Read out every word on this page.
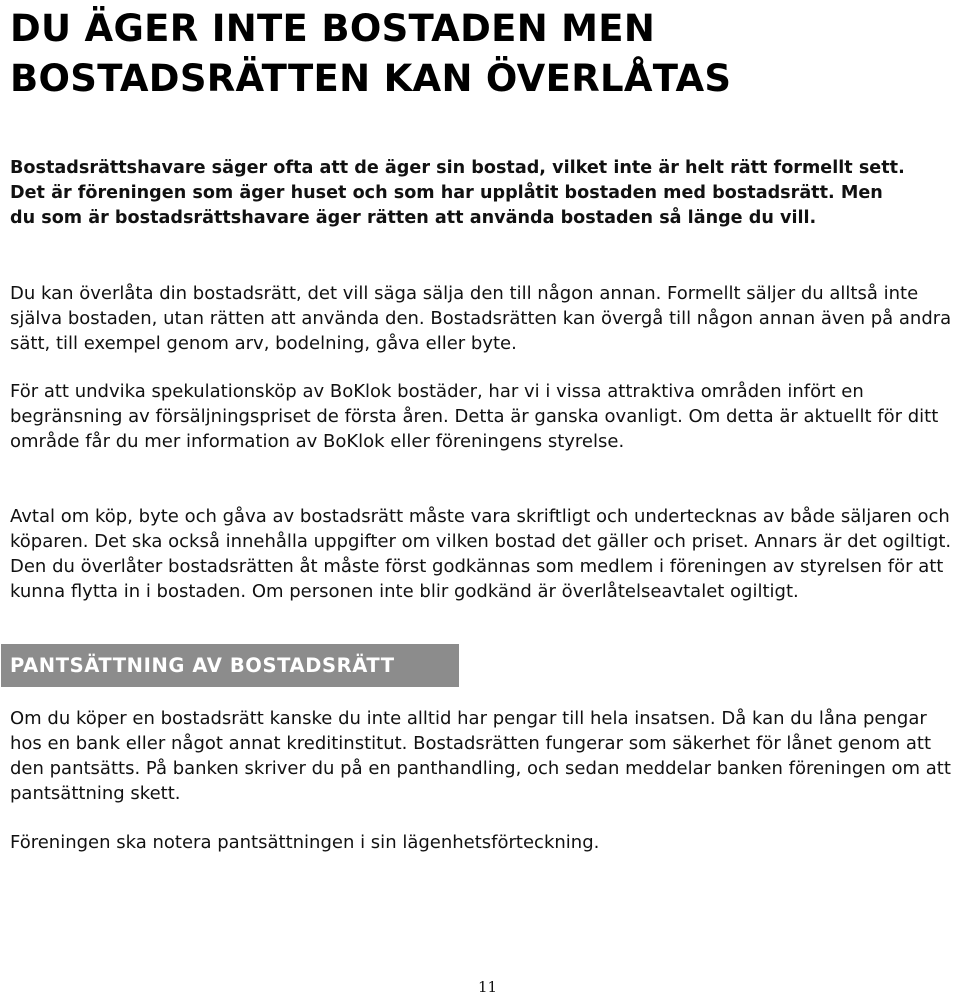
DU ÄGER INTE BOSTADEN MEN
BOSTADSRÄTTEN KAN ÖVERLÅTAS

Bostadsrättshavare säger ofta att de äger sin bostad, vilket inte är helt rätt formellt sett. Det är föreningen som äger huset och som har upplåtit bostaden med bostadsrätt. Men du som är bostadsrättshavare äger rätten att använda bostaden så länge du vill.

Du kan överlåta din bostadsrätt, det vill säga sälja den till någon annan. Formellt säljer du alltså inte själva bostaden, utan rätten att använda den. Bostadsrätten kan övergå till någon annan även på andra sätt, till exempel genom arv, bodelning, gåva eller byte.

För att undvika spekulationsköp av BoKlok bostäder, har vi i vissa attraktiva områden infört en begränsning av försäljningspriset de första åren. Detta är ganska ovanligt. Om detta är aktuellt för ditt område får du mer information av BoKlok eller föreningens styrelse.

Avtal om köp, byte och gåva av bostadsrätt måste vara skriftligt och undertecknas av både säljaren och köparen. Det ska också innehålla uppgifter om vilken bostad det gäller och priset. Annars är det ogiltigt. Den du överlåter bostadsrätten åt måste först godkännas som medlem i föreningen av styrelsen för att kunna flytta in i bostaden. Om personen inte blir godkänd är överlåtelseavtalet ogiltigt.

PANTSÄTTNING AV BOSTADSRÄTT

Om du köper en bostadsrätt kanske du inte alltid har pengar till hela insatsen. Då kan du låna pengar hos en bank eller något annat kreditinstitut. Bostadsrätten fungerar som säkerhet för lånet genom att den pantsätts. På banken skriver du på en panthandling, och sedan meddelar banken föreningen om att pantsättning skett.

Föreningen ska notera pantsättningen i sin lägenhetsförteckning.

11
